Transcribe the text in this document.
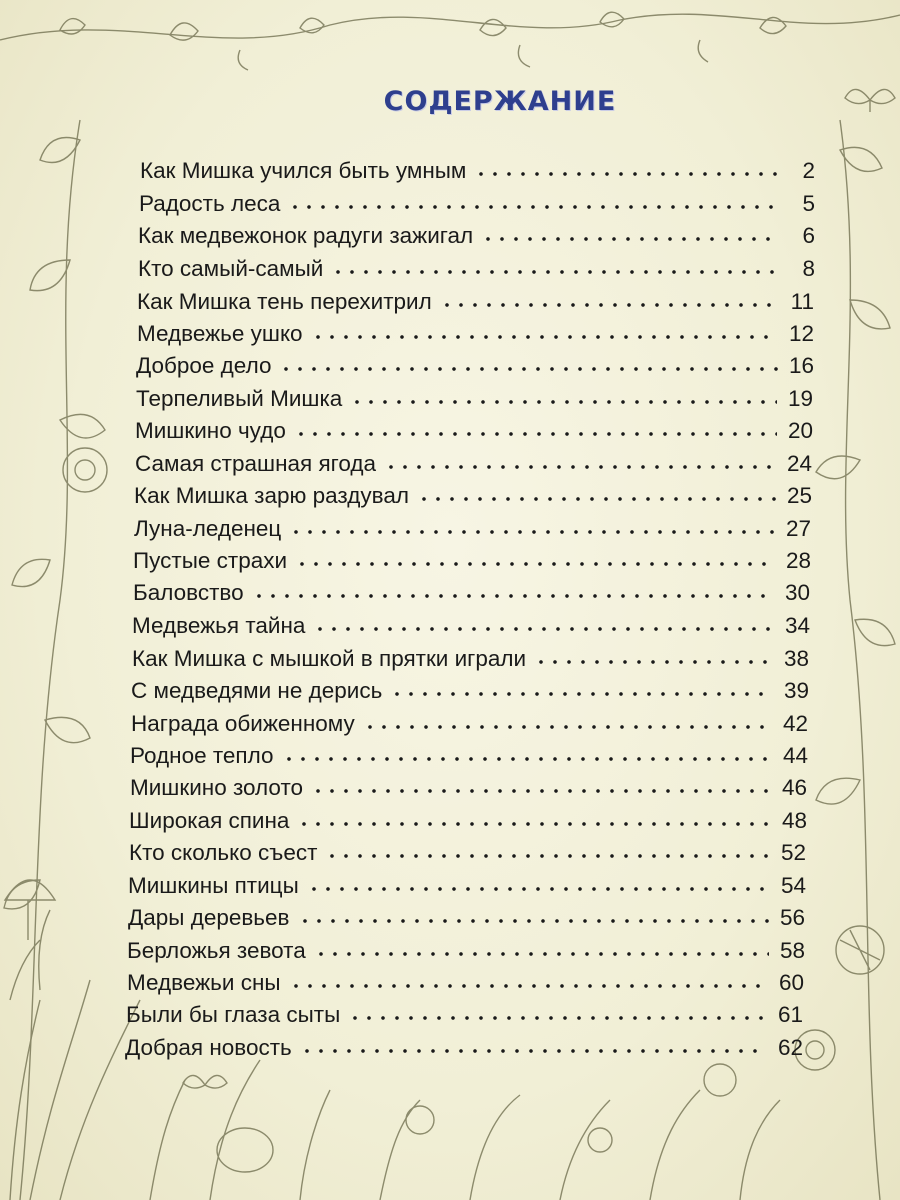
СОДЕРЖАНИЕ
Как Мишка учился быть умным	2
Радость леса	5
Как медвежонок радуги зажигал	6
Кто самый-самый	8
Как Мишка тень перехитрил	11
Медвежье ушко	12
Доброе дело	16
Терпеливый Мишка	19
Мишкино чудо	20
Самая страшная ягода	24
Как Мишка зарю раздувал	25
Луна-леденец	27
Пустые страхи	28
Баловство	30
Медвежья тайна	34
Как Мишка с мышкой в прятки играли	38
С медведями не дерись	39
Награда обиженному	42
Родное тепло	44
Мишкино золото	46
Широкая спина	48
Кто сколько съест	52
Мишкины птицы	54
Дары деревьев	56
Берложья зевота	58
Медвежьи сны	60
Были бы глаза сыты	61
Добрая новость	62
